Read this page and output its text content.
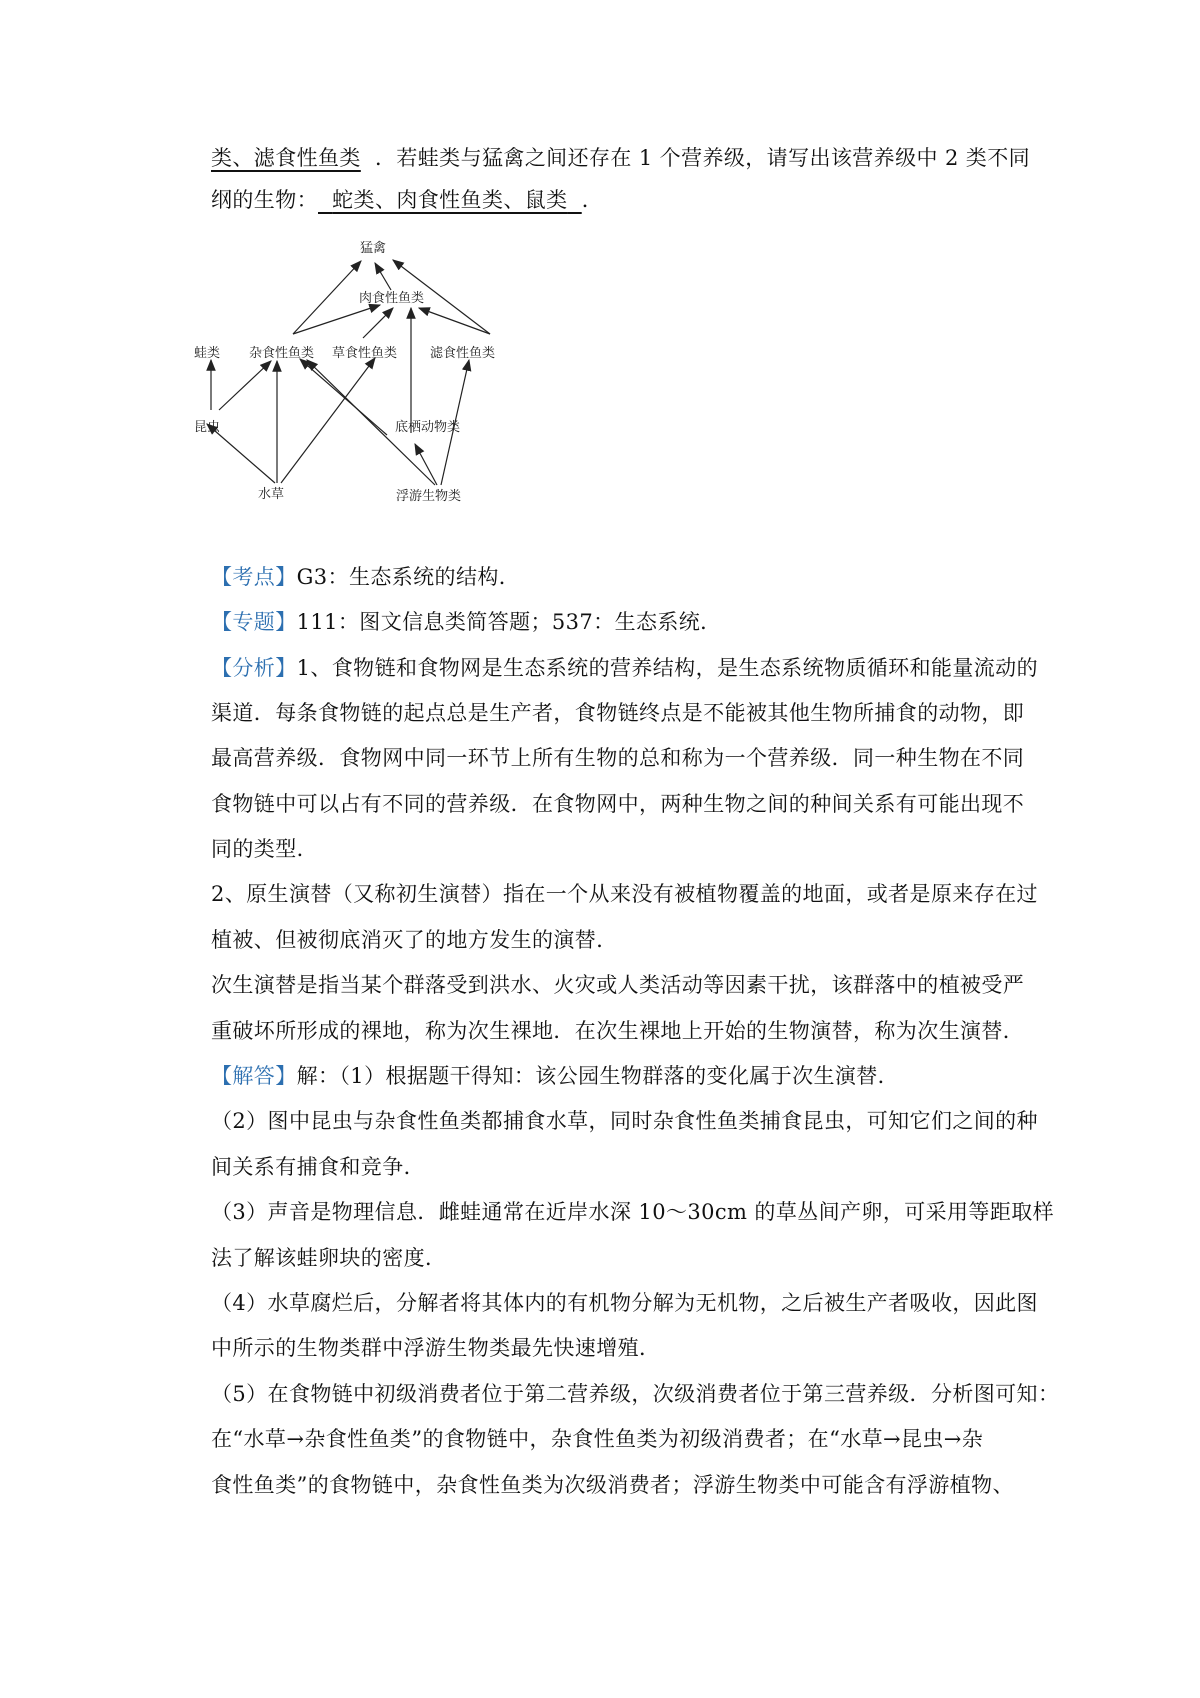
类、滤食性鱼类 ．若蛙类与猛禽之间还存在 1 个营养级，请写出该营养级中 2 类不同
纲的生物： 蛇类、肉食性鱼类、鼠类 ．
猛禽
肉食性鱼类
蛙类 杂食性鱼类 草食性鱼类	滤食性鱼类
昆虫	底栖动物类
水草	浮游生物类
【考点】G3：生态系统的结构．
【专题】111：图文信息类简答题；537：生态系统．
【分析】1、食物链和食物网是生态系统的营养结构，是生态系统物质循环和能量流动的
渠道．每条食物链的起点总是生产者，食物链终点是不能被其他生物所捕食的动物，即
最高营养级．食物网中同一环节上所有生物的总和称为一个营养级．同一种生物在不同
食物链中可以占有不同的营养级．在食物网中，两种生物之间的种间关系有可能出现不
同的类型．
2、原生演替（又称初生演替）指在一个从来没有被植物覆盖的地面，或者是原来存在过
植被、但被彻底消灭了的地方发生的演替．
次生演替是指当某个群落受到洪水、火灾或人类活动等因素干扰，该群落中的植被受严
重破坏所形成的裸地，称为次生裸地．在次生裸地上开始的生物演替，称为次生演替．
【解答】解：（1）根据题干得知：该公园生物群落的变化属于次生演替．
（2）图中昆虫与杂食性鱼类都捕食水草，同时杂食性鱼类捕食昆虫，可知它们之间的种
间关系有捕食和竞争．
（3）声音是物理信息．雌蛙通常在近岸水深 10～30cm 的草丛间产卵，可采用等距取样
法了解该蛙卵块的密度．
（4）水草腐烂后，分解者将其体内的有机物分解为无机物，之后被生产者吸收，因此图
中所示的生物类群中浮游生物类最先快速增殖．
（5）在食物链中初级消费者位于第二营养级，次级消费者位于第三营养级．分析图可知：
在“水草→杂食性鱼类”的食物链中，杂食性鱼类为初级消费者；在“水草→昆虫→杂
食性鱼类”的食物链中，杂食性鱼类为次级消费者；浮游生物类中可能含有浮游植物、
